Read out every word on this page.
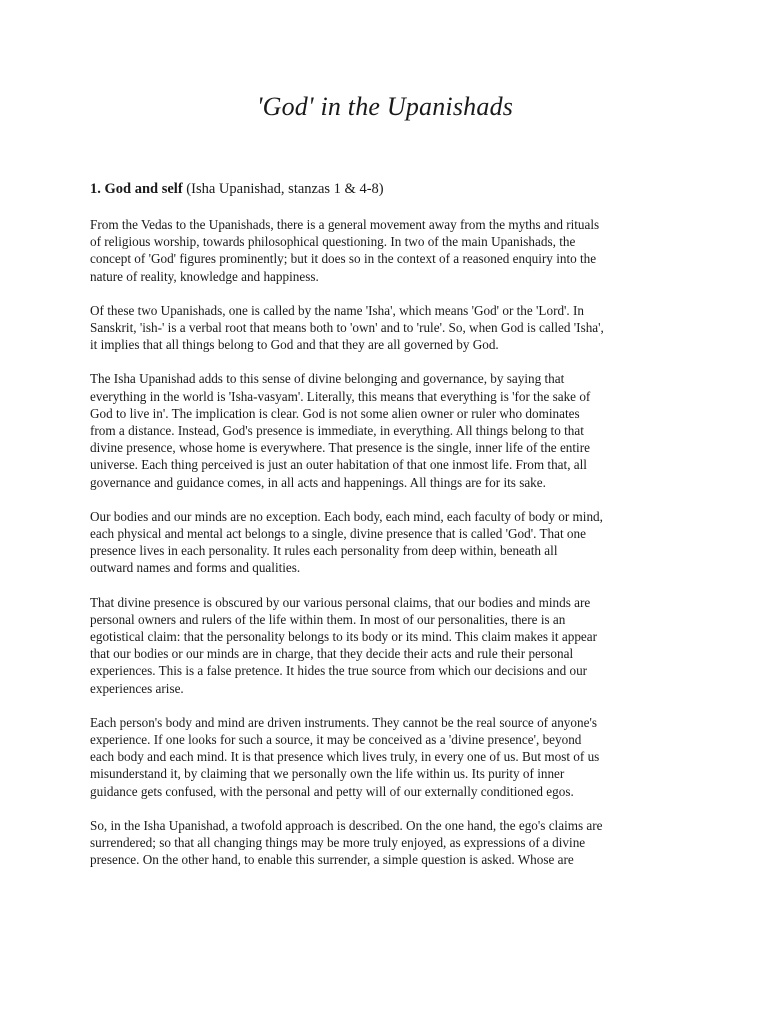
'God' in the Upanishads
1. God and self (Isha Upanishad, stanzas 1 & 4-8)

From the Vedas to the Upanishads, there is a general movement away from the myths and rituals
of religious worship, towards philosophical questioning. In two of the main Upanishads, the
concept of 'God' figures prominently; but it does so in the context of a reasoned enquiry into the
nature of reality, knowledge and happiness.

Of these two Upanishads, one is called by the name 'Isha', which means 'God' or the 'Lord'. In
Sanskrit, 'ish-' is a verbal root that means both to 'own' and to 'rule'. So, when God is called 'Isha',
it implies that all things belong to God and that they are all governed by God.

The Isha Upanishad adds to this sense of divine belonging and governance, by saying that
everything in the world is 'Isha-vasyam'. Literally, this means that everything is 'for the sake of
God to live in'. The implication is clear. God is not some alien owner or ruler who dominates
from a distance. Instead, God's presence is immediate, in everything. All things belong to that
divine presence, whose home is everywhere. That presence is the single, inner life of the entire
universe. Each thing perceived is just an outer habitation of that one inmost life. From that, all
governance and guidance comes, in all acts and happenings. All things are for its sake.

Our bodies and our minds are no exception. Each body, each mind, each faculty of body or mind,
each physical and mental act belongs to a single, divine presence that is called 'God'. That one
presence lives in each personality. It rules each personality from deep within, beneath all
outward names and forms and qualities.

That divine presence is obscured by our various personal claims, that our bodies and minds are
personal owners and rulers of the life within them. In most of our personalities, there is an
egotistical claim: that the personality belongs to its body or its mind. This claim makes it appear
that our bodies or our minds are in charge, that they decide their acts and rule their personal
experiences. This is a false pretence. It hides the true source from which our decisions and our
experiences arise.

Each person's body and mind are driven instruments. They cannot be the real source of anyone's
experience. If one looks for such a source, it may be conceived as a 'divine presence', beyond
each body and each mind. It is that presence which lives truly, in every one of us. But most of us
misunderstand it, by claiming that we personally own the life within us. Its purity of inner
guidance gets confused, with the personal and petty will of our externally conditioned egos.

So, in the Isha Upanishad, a twofold approach is described. On the one hand, the ego's claims are
surrendered; so that all changing things may be more truly enjoyed, as expressions of a divine
presence. On the other hand, to enable this surrender, a simple question is asked. Whose are
